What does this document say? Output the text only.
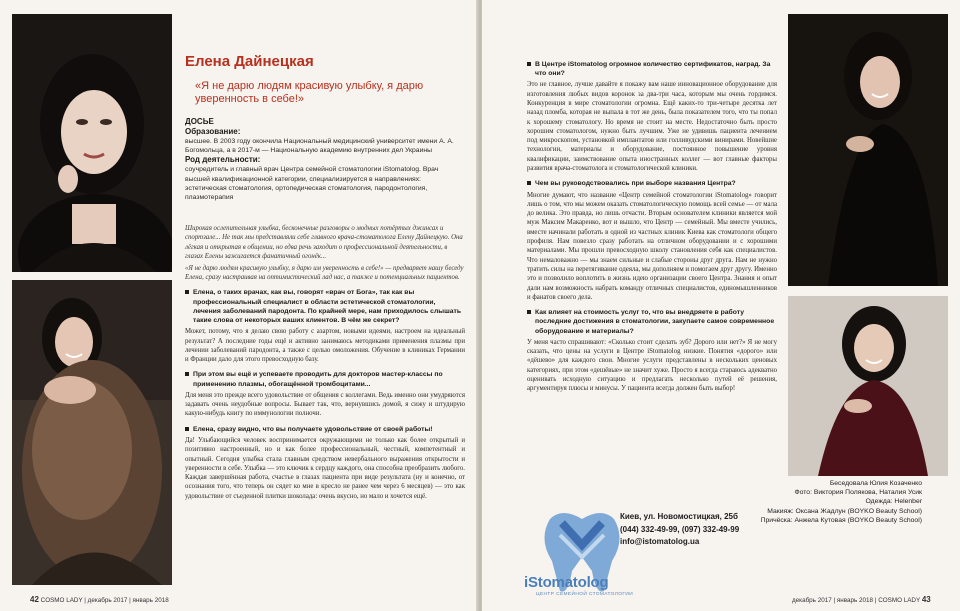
Елена Дайнецкая

«Я не дарю людям красивую улыбку, я дарю уверенность в себе!»

ДОСЬЕ

Образование:

высшее. В 2003 году окончила Национальный медицинский университет имени А. А. Богомольца, а в 2017-м — Национальную академию внутренних дел Украины

Род деятельности:

соучредитель и главный врач Центра семейной стоматологии iStomatolog. Врач высшей квалификационной категории, специализируется в направлениях: эстетическая стоматология, ортопедическая стоматология, пародонтология, плазмотерапия

Широкая ослепительная улыбка, бесконечные разговоры о модных потёртых джинсах и спортзале... Не так мы представляли себе главного врача-стоматолога Елену Дайнецкую. Она лёгкая и открытая в общении, но едва речь заходит о профессиональной деятельности, в глазах Елены зажигается фанатичный огонёк...

«Я не дарю людям красивую улыбку, я дарю им уверенность в себе!» — предваряет нашу беседу Елена, сразу настраивая на оптимистический лад нас, а также и потенциальных пациентов.

Елена, о таких врачах, как вы, говорят «врач от Бога», так как вы профессиональный специалист в области эстетической стоматологии, лечения заболеваний пародонта. По крайней мере, нам приходилось слышать такие слова от некоторых ваших клиентов. В чём же секрет?

Может, потому, что я делаю свою работу с азартом, новыми идеями, настроем на идеальный результат? А последние годы ещё и активно занимаюсь методиками применения плазмы при лечении заболеваний пародонта, а также с целью омоложения. Обучение в клиниках Германии и Франции дало для этого превосходную базу.

При этом вы ещё и успеваете проводить для докторов мастер-классы по применению плазмы, обогащённой тромбоцитами...

Для меня это прежде всего удовольствие от общения с коллегами. Ведь именно они умудряются задавать очень неудобные вопросы. Бывает так, что, вернувшись домой, я сижу и штудирую какую-нибудь книгу по иммунологии полночи.

Елена, сразу видно, что вы получаете удовольствие от своей работы!

Да! Улыбающийся человек воспринимается окружающими не только как более открытый и позитивно настроенный, но и как более профессиональный, честный, компетентный и опытный. Сегодня улыбка стала главным средством невербального выражения открытости и уверенности в себе. Улыбка — это ключик к сердцу каждого, она способна преобразить любого. Каждая завершённая работа, счастье в глазах пациента при виде результата (ну и конечно, от осознания того, что теперь он сядет ко мне в кресло не ранее чем через 6 месяцев) — это как удовольствие от съеденной плитки шоколада: очень вкусно, но мало и хочется ещё.

42 COSMO LADY | декабрь 2017 | январь 2018

В Центре iStomatolog огромное количество сертификатов, наград. За что они?

Это не главное, лучше давайте я покажу вам наше инновационное оборудование для изготовления любых видов коронок за два-три часа, которым мы очень гордимся. Конкуренция в мире стоматологии огромна. Ещё каких-то три-четыре десятка лет назад пломба, которая не выпала в тот же день, была показателем того, что ты попал к хорошему стоматологу. Но время не стоит на месте. Недостаточно быть просто хорошим стоматологом, нужно быть лучшим. Уже не удивишь пациента лечением под микроскопом, установкой имплантатов или голливудскими винирами. Новейшие технологии, материалы и оборудование, постоянное повышение уровня квалификации, заимствование опыта иностранных коллег — вот главные факторы развития врача-стоматолога и стоматологической клиники.

Чем вы руководствовались при выборе названия Центра?

Многие думают, что название «Центр семейной стоматологии iStomatolog» говорит лишь о том, что мы можем оказать стоматологическую помощь всей семье — от мала до велика. Это правда, но лишь отчасти. Вторым основателем клиники является мой муж Максим Макаренко, вот и вышло, что Центр — семейный. Мы вместе учились, вместе начинали работать в одной из частных клиник Киева как стоматологи общего профиля. Нам повезло сразу работать на отличном оборудовании и с хорошими материалами. Мы прошли превосходную школу становления себя как специалистов. Что немаловажно — мы знаем сильные и слабые стороны друг друга. Нам не нужно тратить силы на перетягивание одеяла, мы дополняем и помогаем друг другу. Именно это и позволило воплотить в жизнь идею организации своего Центра. Знания и опыт дали нам возможность набрать команду отличных специалистов, единомышленников и фанатов своего дела.

Как влияет на стоимость услуг то, что вы внедряете в работу последние достижения в стоматологии, закупаете самое современное оборудование и материалы?

У меня часто спрашивают: «Сколько стоит сделать зуб? Дорого или нет?» Я не могу сказать, что цены на услуги в Центре iStomatolog низкие. Понятия «дорого» или «дёшево» для каждого свои. Многие услуги представлены в нескольких ценовых категориях, при этом «дешёвые» не значит хуже. Просто я всегда стараюсь адекватно оценивать исходную ситуацию и предлагать несколько путей её решения, аргументируя плюсы и минусы. У пациента всегда должен быть выбор!

Беседовала Юлия Козаченко

Фото: Виктория Полякова, Наталия Усик

Одежда: Helenber

Макияж: Оксана Жадлун (BOYKO Beauty School)

Причёска: Анжела Кутовая (BOYKO Beauty School)

декабрь 2017 | январь 2018 | COSMO LADY 43
iStomatolog
ЦЕНТР СЕМЕЙНОЙ СТОМАТОЛОГИИ

Киев, ул. Новомостицкая, 25б

(044) 332-49-99, (097) 332-49-99

info@istomatolog.ua
